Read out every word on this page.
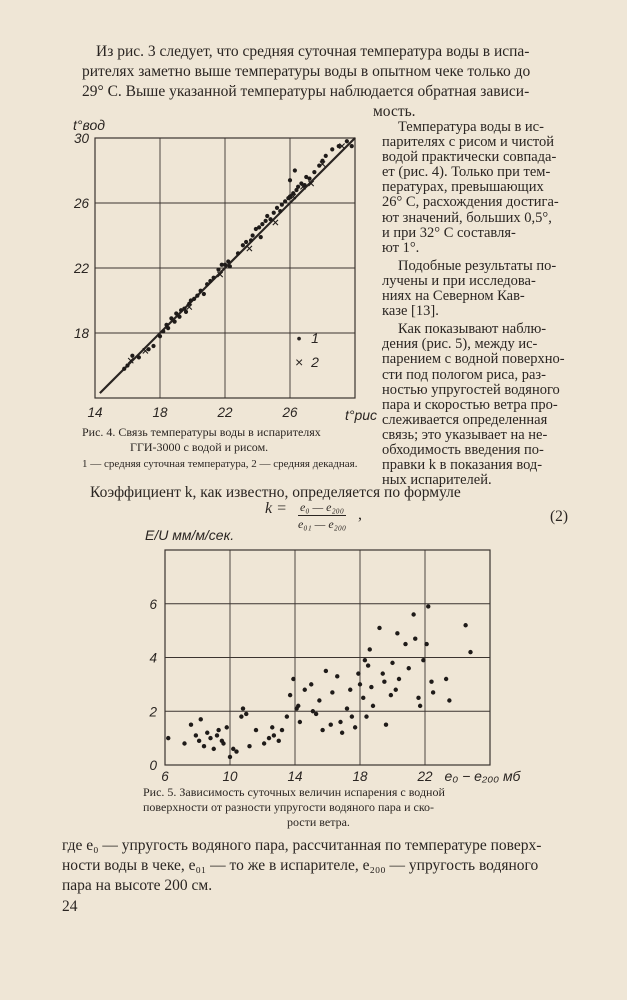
Из рис. 3 следует, что средняя суточная температура воды в испа-
рителях заметно выше температуры воды в опытном чеке только до
29° С. Выше указанной температуры наблюдается обратная зависи-
мость.
14	18	22	26
30
26
22
18
t°вод
t°рис
• 1
× 2
Температура воды в ис-
парителях с рисом и чистой
водой практически совпада-
ет (рис. 4). Только при тем-
пературах, превышающих
26° С, расхождения достига-
ют значений, больших 0,5°,
и при 32° С составля-
ют 1°.
Подобные результаты по-
лучены и при исследова-
ниях на Северном Кав-
казе [13].
Как показывают наблю-
дения (рис. 5), между ис-
парением с водной поверхно-
сти под пологом риса, раз-
ностью упругостей водяного
пара и скоростью ветра про-
слеживается определенная
связь; это указывает на не-
обходимость введения по-
правки k в показания вод-
ных испарителей.
Рис. 4. Связь температуры воды в испарителях
ГГИ-3000 с водой и рисом.
1 — средняя суточная температура, 2 — средняя декадная.
Коэффициент k, как известно, определяется по формуле
k = e₀ — e₂₀₀
e₀₁ — e₂₀₀
,	(2)
6	10	14	18	22
6
4
2
0
E/U мм/м/сек.
e₀ − e₂₀₀ мб
Рис. 5. Зависимость суточных величин испарения с водной
поверхности от разности упругости водяного пара и ско-
рости ветра.
где e₀ — упругость водяного пара, рассчитанная по температуре поверх-
ности воды в чеке, e₀₁ — то же в испарителе, e₂₀₀ — упругость водяного
пара на высоте 200 см.
24
